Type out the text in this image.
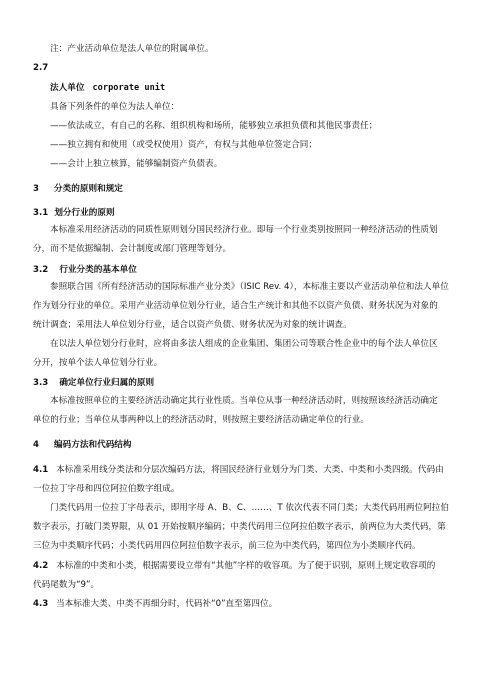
注：产业活动单位是法人单位的附属单位。
2.7
法人单位 corporate unit
具备下列条件的单位为法人单位：
——依法成立，有自己的名称、组织机构和场所，能够独立承担负债和其他民事责任；
——独立拥有和使用（或受权使用）资产，有权与其他单位签定合同；
——会计上独立核算，能够编制资产负债表。
3 分类的原则和规定
3.1 划分行业的原则
本标准采用经济活动的同质性原则划分国民经济行业。即每一个行业类别按照同一种经济活动的性质划
分，而不是依据编制、会计制度或部门管理等划分。
3.2 行业分类的基本单位
参照联合国《所有经济活动的国际标准产业分类》（ISIC Rev. 4），本标准主要以产业活动单位和法人单位
作为划分行业的单位。采用产业活动单位划分行业，适合生产统计和其他不以资产负债、财务状况为对象的
统计调查；采用法人单位划分行业，适合以资产负债、财务状况为对象的统计调查。
在以法人单位划分行业时，应将由多法人组成的企业集团、集团公司等联合性企业中的每个法人单位区
分开，按单个法人单位划分行业。
3.3 确定单位行业归属的原则
本标准按照单位的主要经济活动确定其行业性质。当单位从事一种经济活动时，则按照该经济活动确定
单位的行业；当单位从事两种以上的经济活动时，则按照主要经济活动确定单位的行业。
4 编码方法和代码结构
4.1 本标准采用线分类法和分层次编码方法，将国民经济行业划分为门类、大类、中类和小类四级。代码由
一位拉丁字母和四位阿拉伯数字组成。
门类代码用一位拉丁字母表示，即用字母 A、B、C、……、T 依次代表不同门类；大类代码用两位阿拉伯
数字表示，打破门类界限，从 01 开始按顺序编码；中类代码用三位阿拉伯数字表示，前两位为大类代码，第
三位为中类顺序代码；小类代码用四位阿拉伯数字表示，前三位为中类代码，第四位为小类顺序代码。
4.2 本标准的中类和小类，根据需要设立带有“其他”字样的收容项。为了便于识别，原则上规定收容项的
代码尾数为“9”。
4.3 当本标准大类、中类不再细分时，代码补“0”直至第四位。
